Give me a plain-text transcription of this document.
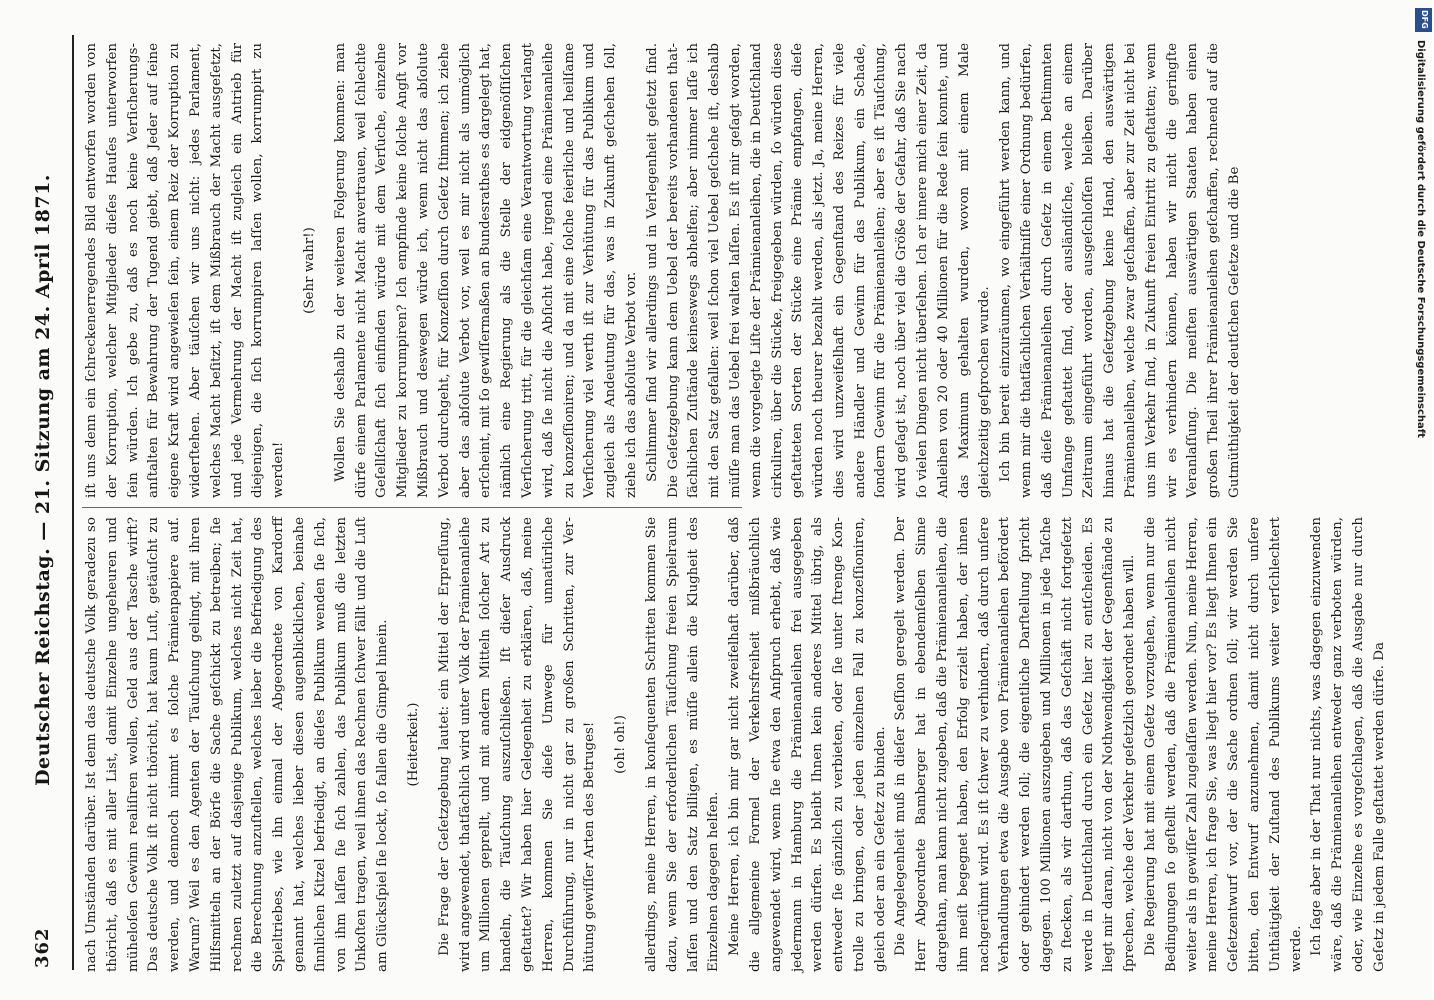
362
Deutscher Reichstag. — 21. Sitzung am 24. April 1871. nach Umständen darüber. Ist denn das deutsche Volk geradezu so thöricht, daß es mit aller List, damit Einzelne ungeheuren und müheloſen Gewinn realiſiren wollen, Geld aus der Tasche wirft? Das deutsche Volk iſt nicht thöricht, hat kaum Luſt, getäuſcht zu werden, und dennoch nimmt es ſolche Prämienpapiere auf. Warum? Weil es den Agenten der Täuſchung gelingt, mit ihren Hilfsmitteln an der Börſe die Sache geſchickt zu betreiben; ſie rechnen zuletzt auf dasjenige Publikum, welches nicht Zeit hat, die Berechnung anzuſtellen, welches lieber die Befriedigung des Spieltriebes, wie ihn einmal der Abgeordnete von Kardorff genannt hat, welches lieber diesen augenblicklichen, beinahe ſinnlichen Kitzel befriedigt, an dieſes Publikum wenden ſie ſich, von ihm laſſen ſie ſich zahlen, das Publikum muß die letzten Unkoſten tragen, weil ihnen das Rechnen ſchwer fällt und die Luſt am Glücksſpiel ſie lockt, ſo fallen die Gimpel hinein. (Heiterkeit.) Die Frage der Geſetzgebung lautet: ein Mittel der Erpreſſung, wird angewendet, thatſächlich wird unter Volk der Prämienanleihe um Millionen geprellt, und mit andern Mitteln ſolcher Art zu handeln, die Täuſchung auszuſchließen. Iſt dieſer Ausdruck geſtattet? Wir haben hier Gelegenheit zu erklären, daß, meine Herren, kommen Sie dieſe Umwege für unnatürliche Durchführung, nur in nicht gar zu großen Schritten, zur Verhütung gewiſſer Arten des Betruges! (oh! oh!) allerdings, meine Herren, in konſequenten Schritten kommen Sie dazu, wenn Sie der erforderlichen Täuſchung freien Spielraum laſſen und den Satz billigen, es müſſe allein die Klugheit des Einzelnen dagegen helfen. Meine Herren, ich bin mir gar nicht zweifelhaft darüber, daß die allgemeine Formel der Verkehrsfreiheit mißbräuchlich angewendet wird, wenn ſie etwa den Anſpruch erhebt, daß wie jedermann in Hamburg die Prämienanleihen frei ausgegeben werden dürfen. Es bleibt Ihnen kein anderes Mittel übrig, als entweder ſie gänzlich zu verbieten, oder ſie unter ſtrenge Kontrolle zu bringen, oder jeden einzelnen Fall zu konzeſſioniren, gleich oder an ein Geſetz zu binden. Die Angelegenheit muß in dieſer Seſſion geregelt werden. Der Herr Abgeordnete Bamberger hat in ebendemſelben Sinne dargethan, man kann nicht zugeben, daß die Prämienanleihen, die ihm meiſt begegnet haben, den Erfolg erzielt haben, der ihnen nachgerühmt wird. Es iſt ſchwer zu verhindern, daß durch unſere Verhandlungen etwa die Ausgabe von Prämienanleihen befördert oder gehindert werden ſoll; die eigentliche Darſtellung ſpricht dagegen. 100 Millionen auszugeben und Millionen in jede Taſche zu ſtecken, als wir darthun, daß das Geſchäft nicht fortgeſetzt werde in Deutſchland durch ein Geſetz hier zu entſcheiden. Es liegt mir daran, nicht von der Nothwendigkeit der Gegenſtände zu ſprechen, welche der Verkehr geſetzlich geordnet haben will. Die Regierung hat mit einem Geſetz vorzugehen, wenn nur die Bedingungen ſo geſtellt werden, daß die Prämienanleihen nicht weiter als in gewiſſer Zahl zugelaſſen werden. Nun, meine Herren, meine Herren, ich frage Sie, was liegt hier vor? Es liegt Ihnen ein Geſetzentwurf vor, der die Sache ordnen ſoll; wir werden Sie bitten, den Entwurf anzunehmen, damit nicht durch unſere Unthätigkeit der Zuſtand des Publikums weiter verſchlechtert werde. Ich ſage aber in der That nur nichts, was dagegen einzuwenden wäre, daß die Prämienanleihen entweder ganz verboten würden, oder, wie Einzelne es vorgeſchlagen, daß die Ausgabe nur durch Geſetz in jedem Falle geſtattet werden dürfe. Da

iſt uns denn ein ſchreckenerregendes Bild entworfen worden von der Korruption, welcher Mitglieder dieſes Hauſes unterworfen ſein würden. Ich gebe zu, daß es noch keine Verſicherungsanſtalten für Bewahrung der Tugend giebt, daß Jeder auf ſeine eigene Kraft wird angewieſen ſein, einem Reiz der Korruption zu widerſtehen. Aber täuſchen wir uns nicht: jedes Parlament, welches Macht beſitzt, iſt dem Mißbrauch der Macht ausgeſetzt, und jede Vermehrung der Macht iſt zugleich ein Antrieb für diejenigen, die ſich korrumpiren laſſen wollen, korrumpirt zu werden!

(Sehr wahr!) Wollen Sie deshalb zu der weiteren Folgerung kommen: man dürfe einem Parlamente nicht Macht anvertrauen, weil ſchlechte Geſellſchaft ſich einfinden würde mit dem Verſuche, einzelne Mitglieder zu korrumpiren? Ich empfinde keine ſolche Angſt vor Mißbrauch und deswegen würde ich, wenn nicht das abſolute Verbot durchgeht, für Konzeſſion durch Geſetz ſtimmen; ich ziehe aber das abſolute Verbot vor, weil es mir nicht als unmöglich erſcheint, mit ſo gewiſſermaßen an Bundesrathes es dargelegt hat, nämlich eine Regierung als die Stelle der eidgenöſſiſchen Verſicherung tritt, für die gleichſam eine Verantwortung verlangt wird, daß ſie nicht die Abſicht habe, irgend eine Prämienanleihe zu konzeſſioniren; und da mit eine ſolche feierliche und heilſame Verſicherung viel werth iſt zur Verhütung für das Publikum und zugleich als Andeutung für das, was in Zukunft geſchehen ſoll, ziehe ich das abſolute Verbot vor. Schlimmer ſind wir allerdings und in Verlegenheit geſetzt ſind. Die Geſetzgebung kann dem Uebel der bereits vorhandenen thatſächlichen Zuſtände keineswegs abhelfen; aber nimmer laſſe ich mit den Satz gefallen: weil ſchon viel Uebel geſchehe iſt, deshalb müſſe man das Uebel frei walten laſſen. Es iſt mir geſagt worden, wenn die vorgelegte Liſte der Prämienanleihen, die in Deutſchland cirkuliren, über die Stücke, freigegeben würden, ſo würden diese geſtatteten Sorten der Stücke eine Prämie empfangen, dieſe würden noch theurer bezahlt werden, als jetzt. Ja, meine Herren, dies wird unzweifelhaft ein Gegenſtand des Reizes für viele andere Händler und Gewinn für das Publikum, ein Schade, ſondern Gewinn für die Prämienanleihen; aber es iſt Täuſchung, wird geſagt ist, noch über viel die Größe der Gefahr, daß Sie nach ſo vielen Dingen nicht überſehen. Ich er innere mich einer Zeit, da Anleihen von 20 oder 40 Millionen für die Rede ſein konnte, und das Maximum gehalten wurden, wovon mit einem Male gleichzeitig geſprochen wurde. Ich bin bereit einzuräumen, wo eingeführt werden kann, und wenn mir die thatſächlichen Verhältniſſe einer Ordnung bedürfen, daß dieſe Prämienanleihen durch Geſetz in einem beſtimmten Umfange geſtattet ſind, oder ausländiſche, welche an einem Zeitraum eingeführt worden, ausgeſchloſſen bleiben. Darüber hinaus hat die Geſetzgebung keine Hand, den auswärtigen Prämienanleihen, welche zwar geſchaffen, aber zur Zeit nicht bei uns im Verkehr ſind, in Zukunft freien Eintritt zu geſtatten; wenn wir es verhindern können, haben wir nicht die geringſte Veranlaſſung. Die meiſten auswärtigen Staaten haben einen großen Theil ihrer Prämienanleihen geſchaffen, rechnend auf die Gutmüthigkeit der deutſchen Geſetze und die Be

DFG
Digitalisierung gefördert durch die Deutsche Forschungsgemeinschaft
